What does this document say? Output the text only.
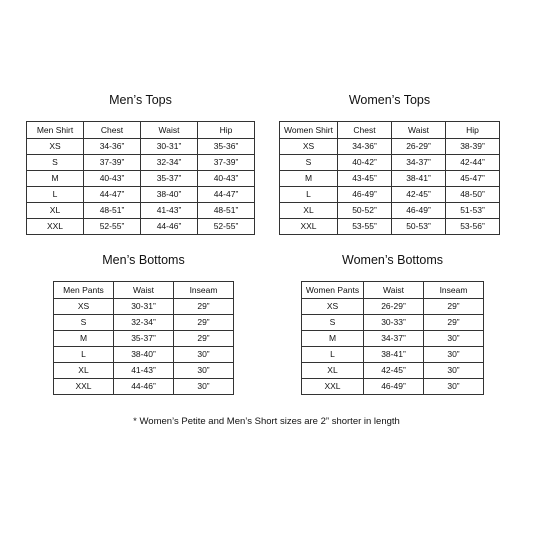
Men’s Tops
Men Shirt	Chest	Waist	Hip
XS	34-36”	30-31”	35-36”
S	37-39”	32-34”	37-39”
M	40-43”	35-37”	40-43”
L	44-47”	38-40”	44-47”
XL	48-51”	41-43”	48-51”
XXL	52-55”	44-46”	52-55”
Women’s Tops
Women Shirt	Chest	Waist	Hip
XS	34-36”	26-29”	38-39”
S	40-42”	34-37”	42-44”
M	43-45”	38-41”	45-47”
L	46-49”	42-45”	48-50”
XL	50-52”	46-49”	51-53”
XXL	53-55”	50-53”	53-56”
Men’s Bottoms
Men Pants	Waist	Inseam
XS	30-31”	29”
S	32-34”	29”
M	35-37”	29”
L	38-40”	30”
XL	41-43”	30”
XXL	44-46”	30”
Women’s Bottoms
Women Pants	Waist	Inseam
XS	26-29”	29”
S	30-33”	29”
M	34-37”	30”
L	38-41”	30”
XL	42-45”	30”
XXL	46-49”	30”
* Women’s Petite and Men’s Short sizes are 2” shorter in length
